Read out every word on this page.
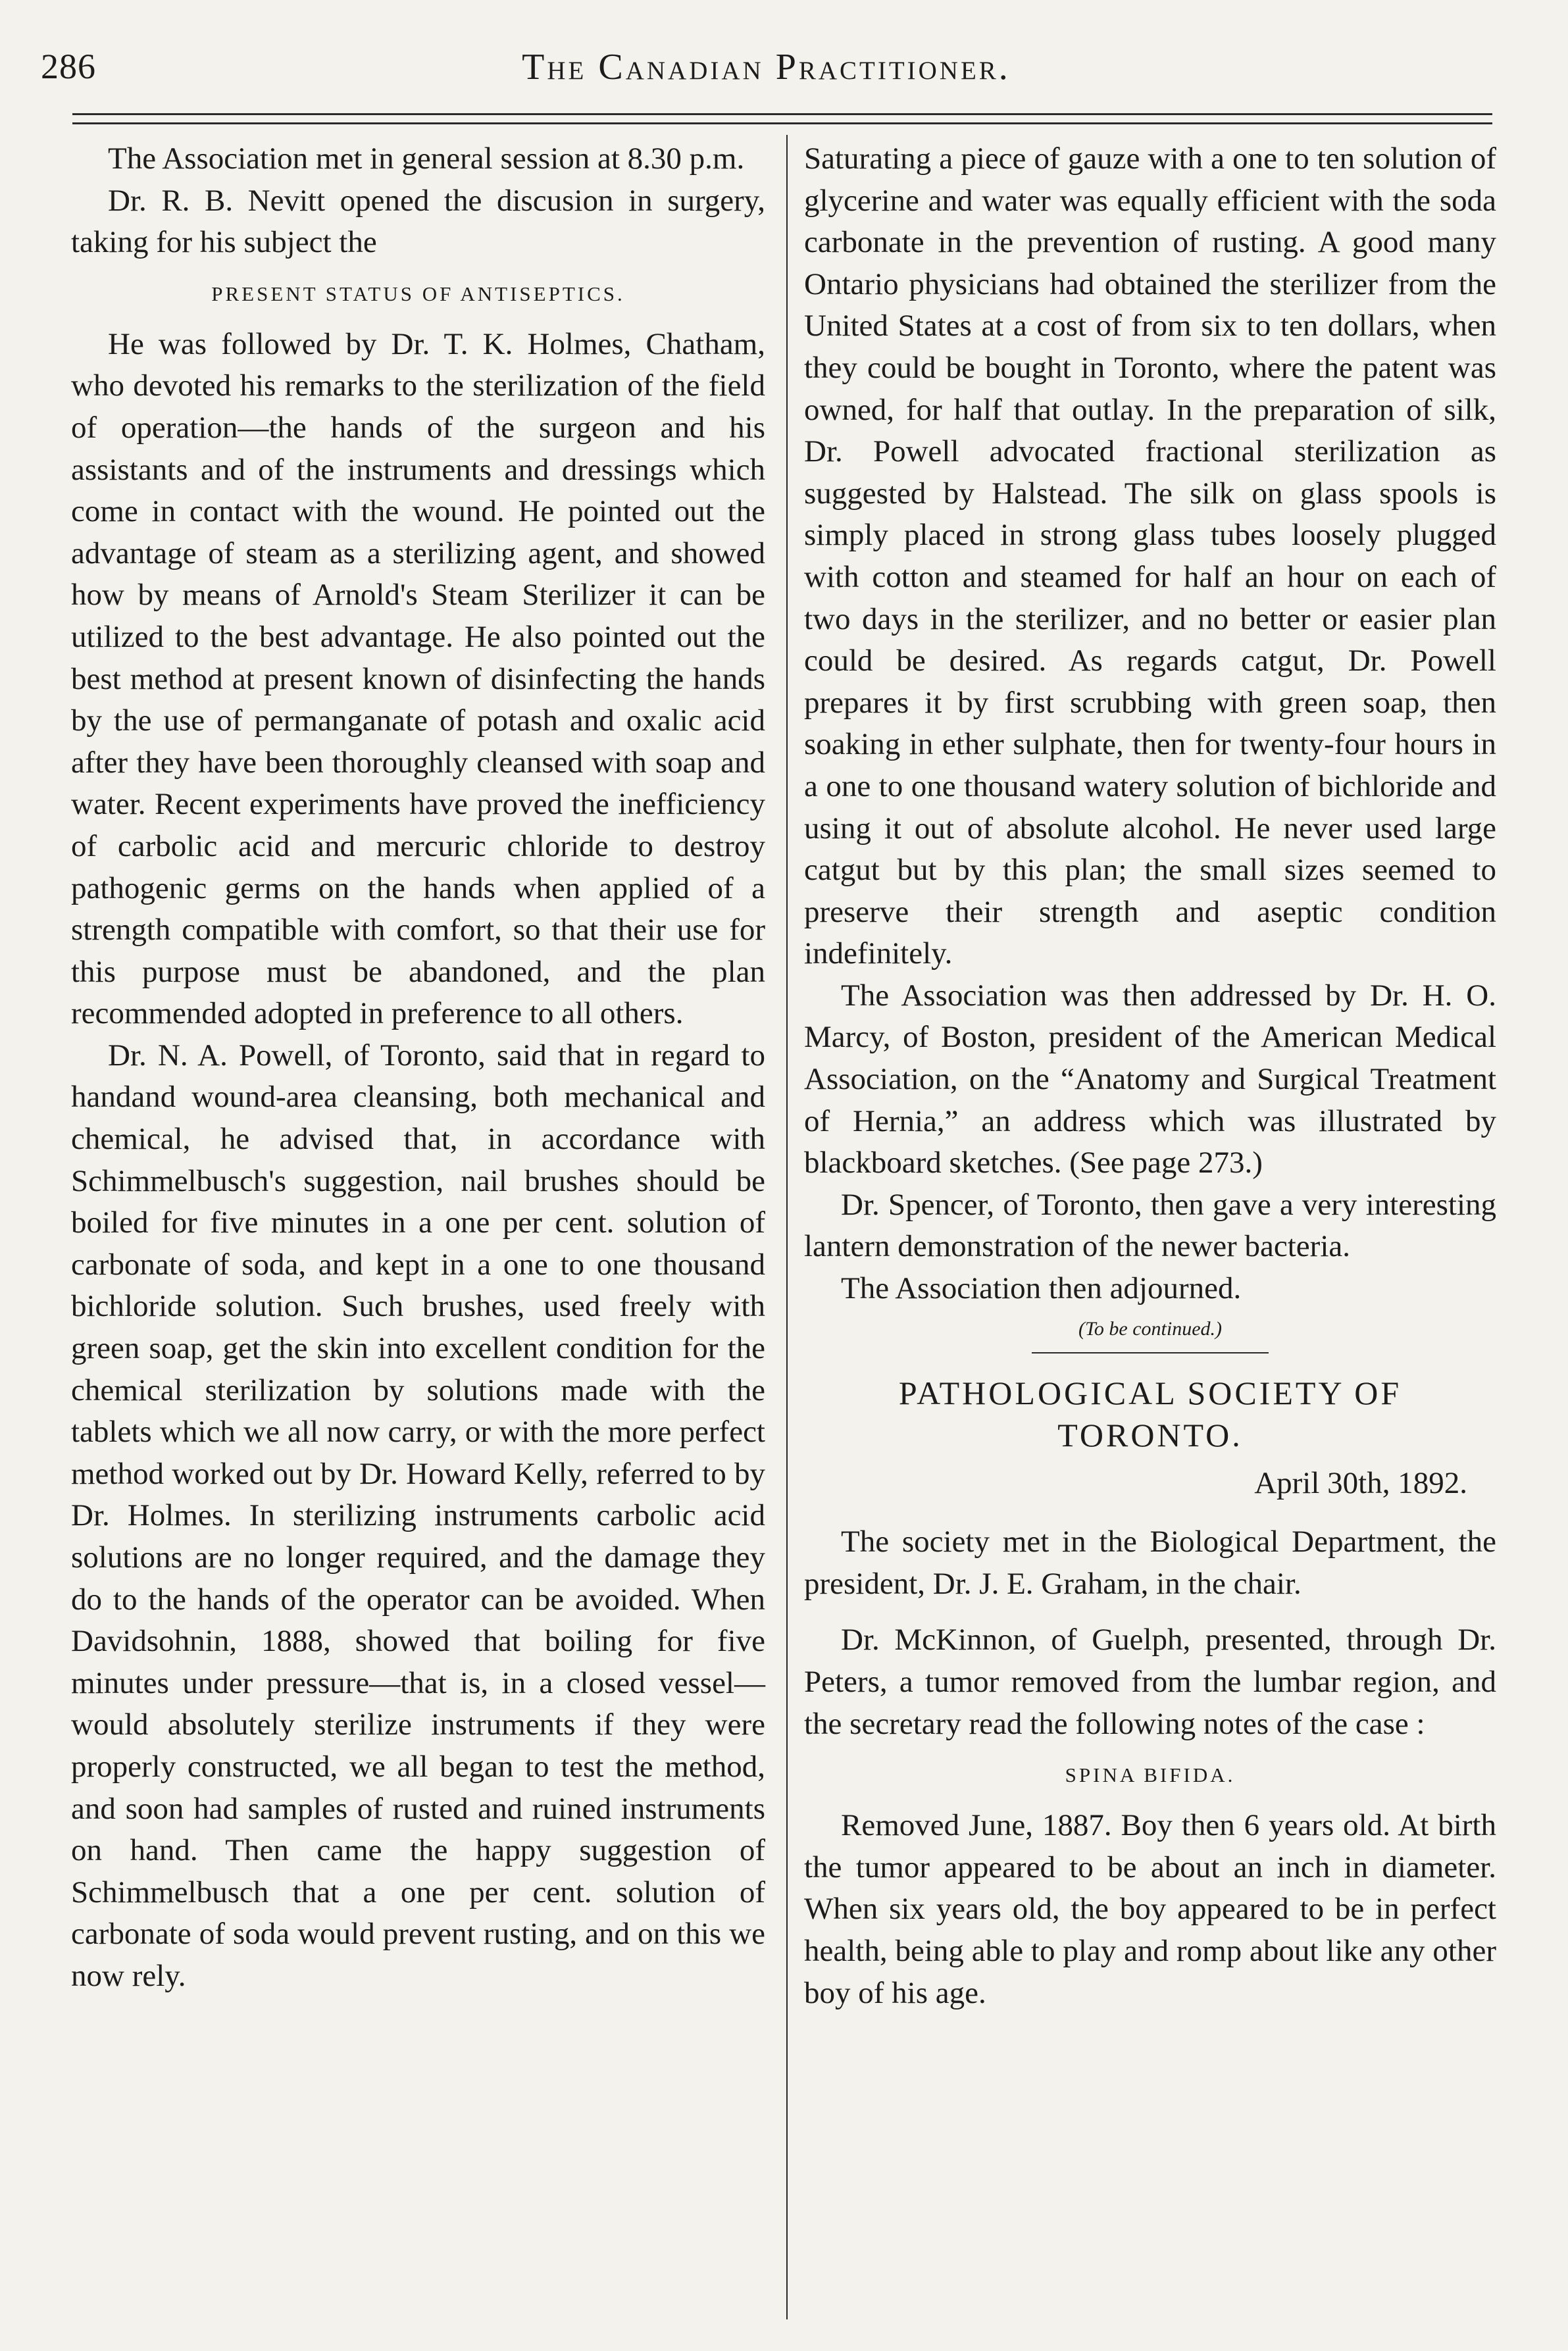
286	The Canadian Practitioner.

The Association met in general session at 8.30 p.m.

Dr. R. B. Nevitt opened the discusion in surgery, taking for his subject the

PRESENT STATUS OF ANTISEPTICS.

He was followed by Dr. T. K. Holmes, Chatham, who devoted his remarks to the sterilization of the field of operation—the hands of the surgeon and his assistants and of the instruments and dressings which come in contact with the wound. He pointed out the advantage of steam as a sterilizing agent, and showed how by means of Arnold's Steam Sterilizer it can be utilized to the best advantage. He also pointed out the best method at present known of disinfecting the hands by the use of permanganate of potash and oxalic acid after they have been thoroughly cleansed with soap and water. Recent experiments have proved the inefficiency of carbolic acid and mercuric chloride to destroy pathogenic germs on the hands when applied of a strength compatible with comfort, so that their use for this purpose must be abandoned, and the plan recommended adopted in preference to all others.

Dr. N. A. Powell, of Toronto, said that in regard to handand wound-area cleansing, both mechanical and chemical, he advised that, in accordance with Schimmelbusch's suggestion, nail brushes should be boiled for five minutes in a one per cent. solution of carbonate of soda, and kept in a one to one thousand bichloride solution. Such brushes, used freely with green soap, get the skin into excellent condition for the chemical sterilization by solutions made with the tablets which we all now carry, or with the more perfect method worked out by Dr. Howard Kelly, referred to by Dr. Holmes. In sterilizing instruments carbolic acid solutions are no longer required, and the damage they do to the hands of the operator can be avoided. When Davidsohnin, 1888, showed that boiling for five minutes under pressure—that is, in a closed vessel—would absolutely sterilize instruments if they were properly constructed, we all began to test the method, and soon had samples of rusted and ruined instruments on hand. Then came the happy suggestion of Schimmelbusch that a one per cent. solution of carbonate of soda would prevent rusting, and on this we now rely.

Saturating a piece of gauze with a one to ten solution of glycerine and water was equally efficient with the soda carbonate in the prevention of rusting. A good many Ontario physicians had obtained the sterilizer from the United States at a cost of from six to ten dollars, when they could be bought in Toronto, where the patent was owned, for half that outlay. In the preparation of silk, Dr. Powell advocated fractional sterilization as suggested by Halstead. The silk on glass spools is simply placed in strong glass tubes loosely plugged with cotton and steamed for half an hour on each of two days in the sterilizer, and no better or easier plan could be desired. As regards catgut, Dr. Powell prepares it by first scrubbing with green soap, then soaking in ether sulphate, then for twenty-four hours in a one to one thousand watery solution of bichloride and using it out of absolute alcohol. He never used large catgut but by this plan; the small sizes seemed to preserve their strength and aseptic condition indefinitely.

The Association was then addressed by Dr. H. O. Marcy, of Boston, president of the American Medical Association, on the “Anatomy and Surgical Treatment of Hernia,” an address which was illustrated by blackboard sketches. (See page 273.)

Dr. Spencer, of Toronto, then gave a very interesting lantern demonstration of the newer bacteria.

The Association then adjourned.

(To be continued.)

PATHOLOGICAL SOCIETY OF TORONTO.

April 30th, 1892.

The society met in the Biological Department, the president, Dr. J. E. Graham, in the chair.

Dr. McKinnon, of Guelph, presented, through Dr. Peters, a tumor removed from the lumbar region, and the secretary read the following notes of the case :

SPINA BIFIDA.

Removed June, 1887. Boy then 6 years old. At birth the tumor appeared to be about an inch in diameter. When six years old, the boy appeared to be in perfect health, being able to play and romp about like any other boy of his age.
